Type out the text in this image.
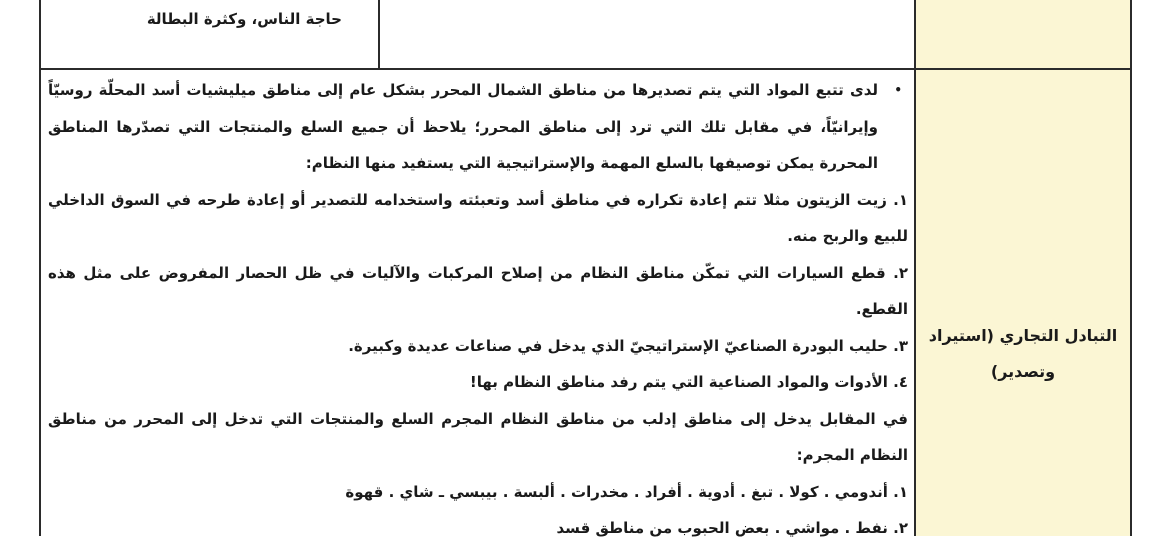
حاجة الناس، وكثرة البطالة

•
لدى تتبع المواد التي يتم تصديرها من مناطق الشمال المحرر بشكل عام إلى مناطق ميليشيات أسد المحلّة روسيّاً وإيرانيّاً، في مقابل تلك التي ترد إلى مناطق المحرر؛ يلاحظ أن جميع السلع والمنتجات التي تصدّرها المناطق المحررة يمكن توصيفها بالسلع المهمة والإستراتيجية التي يستفيد منها النظام:

١. زيت الزيتون مثلا تتم إعادة تكراره في مناطق أسد وتعبئته واستخدامه للتصدير أو إعادة طرحه في السوق الداخلي للبيع والربح منه.

٢. قطع السيارات التي تمكّن مناطق النظام من إصلاح المركبات والآليات في ظل الحصار المفروض على مثل هذه القطع.

٣. حليب البودرة الصناعيّ الإستراتيجيّ الذي يدخل في صناعات عديدة وكبيرة.

٤. الأدوات والمواد الصناعية التي يتم رفد مناطق النظام بها!

في المقابل يدخل إلى مناطق إدلب من مناطق النظام المجرم السلع والمنتجات التي تدخل إلى المحرر من مناطق النظام المجرم:

١. أندومي . كولا . تبغ . أدوية . أفراد . مخدرات . ألبسة . بيبسي ـ شاي . قهوة

٢. نفط . مواشي . بعض الحبوب من مناطق قسد

التبادل التجاري (استيراد وتصدير)
